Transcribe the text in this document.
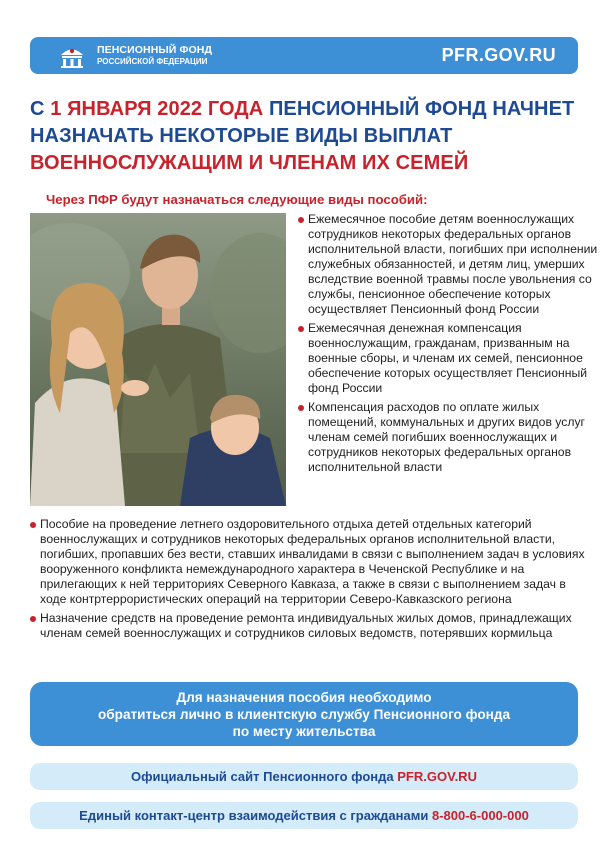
ПЕНСИОННЫЙ ФОНД
РОССИЙСКОЙ ФЕДЕРАЦИИ	PFR.GOV.RU
С 1 ЯНВАРЯ 2022 ГОДА ПЕНСИОННЫЙ ФОНД НАЧНЕТ НАЗНАЧАТЬ НЕКОТОРЫЕ ВИДЫ ВЫПЛАТ ВОЕННОСЛУЖАЩИМ И ЧЛЕНАМ ИХ СЕМЕЙ
Через ПФР будут назначаться следующие виды пособий:
Ежемесячное пособие детям военнослужащих сотрудников некоторых федеральных органов исполнительной власти, погибших при исполнении служебных обязанностей, и детям лиц, умерших вследствие военной травмы после увольнения со службы, пенсионное обеспечение которых осуществляет Пенсионный фонд России
Ежемесячная денежная компенсация военнослужащим, гражданам, призванным на военные сборы, и членам их семей, пенсионное обеспечение которых осуществляет Пенсионный фонд России
Компенсация расходов по оплате жилых помещений, коммунальных и других видов услуг членам семей погибших военнослужащих и сотрудников некоторых федеральных органов исполнительной власти
Пособие на проведение летнего оздоровительного отдыха детей отдельных категорий военнослужащих и сотрудников некоторых федеральных органов исполнительной власти, погибших, пропавших без вести, ставших инвалидами в связи с выполнением задач в условиях вооруженного конфликта немеждународного характера в Чеченской Республике и на прилегающих к ней территориях Северного Кавказа, а также в связи с выполнением задач в ходе контртеррористических операций на территории Северо-Кавказского региона
Назначение средств на проведение ремонта индивидуальных жилых домов, принадлежащих членам семей военнослужащих и сотрудников силовых ведомств, потерявших кормильца
Для назначения пособия необходимо
обратиться лично в клиентскую службу Пенсионного фонда
по месту жительства
Официальный сайт Пенсионного фонда PFR.GOV.RU
Единый контакт-центр взаимодействия с гражданами 8-800-6-000-000
